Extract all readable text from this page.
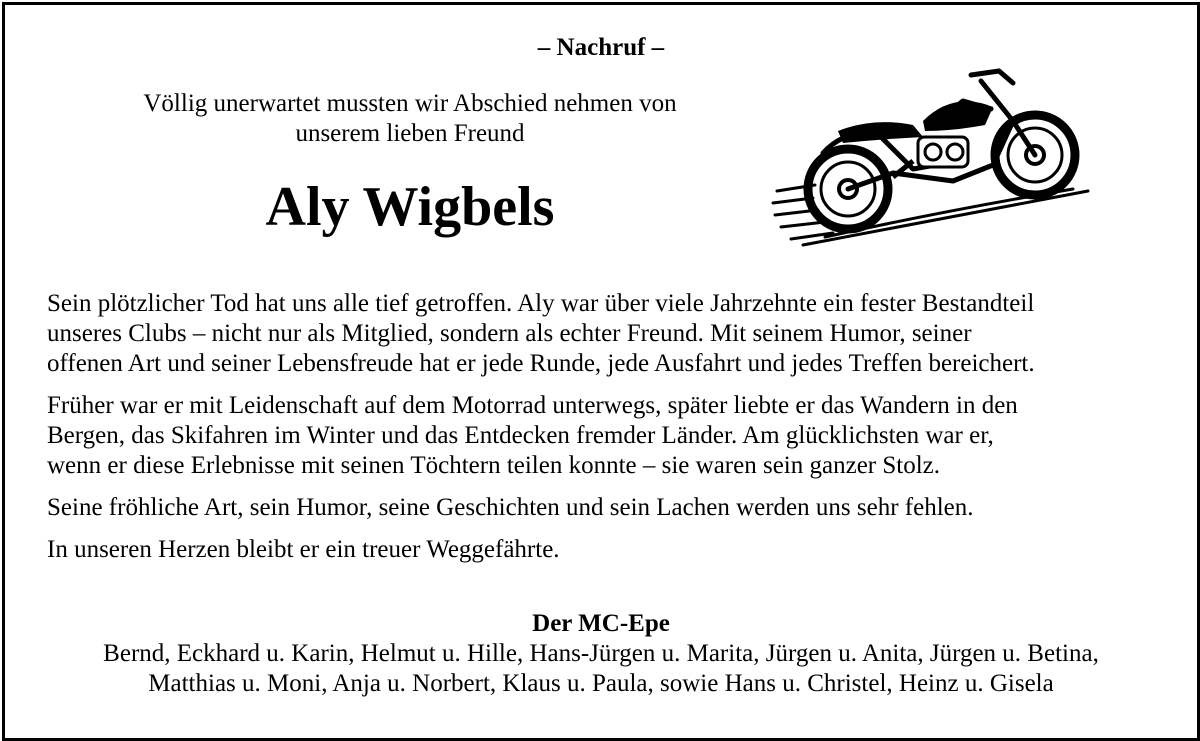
– Nachruf –
Völlig unerwartet mussten wir Abschied nehmen von
unserem lieben Freund
Aly Wigbels
Sein plötzlicher Tod hat uns alle tief getroffen. Aly war über viele Jahrzehnte ein fester Bestandteil
unseres Clubs – nicht nur als Mitglied, sondern als echter Freund. Mit seinem Humor, seiner
offenen Art und seiner Lebensfreude hat er jede Runde, jede Ausfahrt und jedes Treffen bereichert.
Früher war er mit Leidenschaft auf dem Motorrad unterwegs, später liebte er das Wandern in den
Bergen, das Skifahren im Winter und das Entdecken fremder Länder. Am glücklichsten war er,
wenn er diese Erlebnisse mit seinen Töchtern teilen konnte – sie waren sein ganzer Stolz.
Seine fröhliche Art, sein Humor, seine Geschichten und sein Lachen werden uns sehr fehlen.
In unseren Herzen bleibt er ein treuer Weggefährte.
Der MC-Epe
Bernd, Eckhard u. Karin, Helmut u. Hille, Hans-Jürgen u. Marita, Jürgen u. Anita, Jürgen u. Betina,
Matthias u. Moni, Anja u. Norbert, Klaus u. Paula, sowie Hans u. Christel, Heinz u. Gisela
